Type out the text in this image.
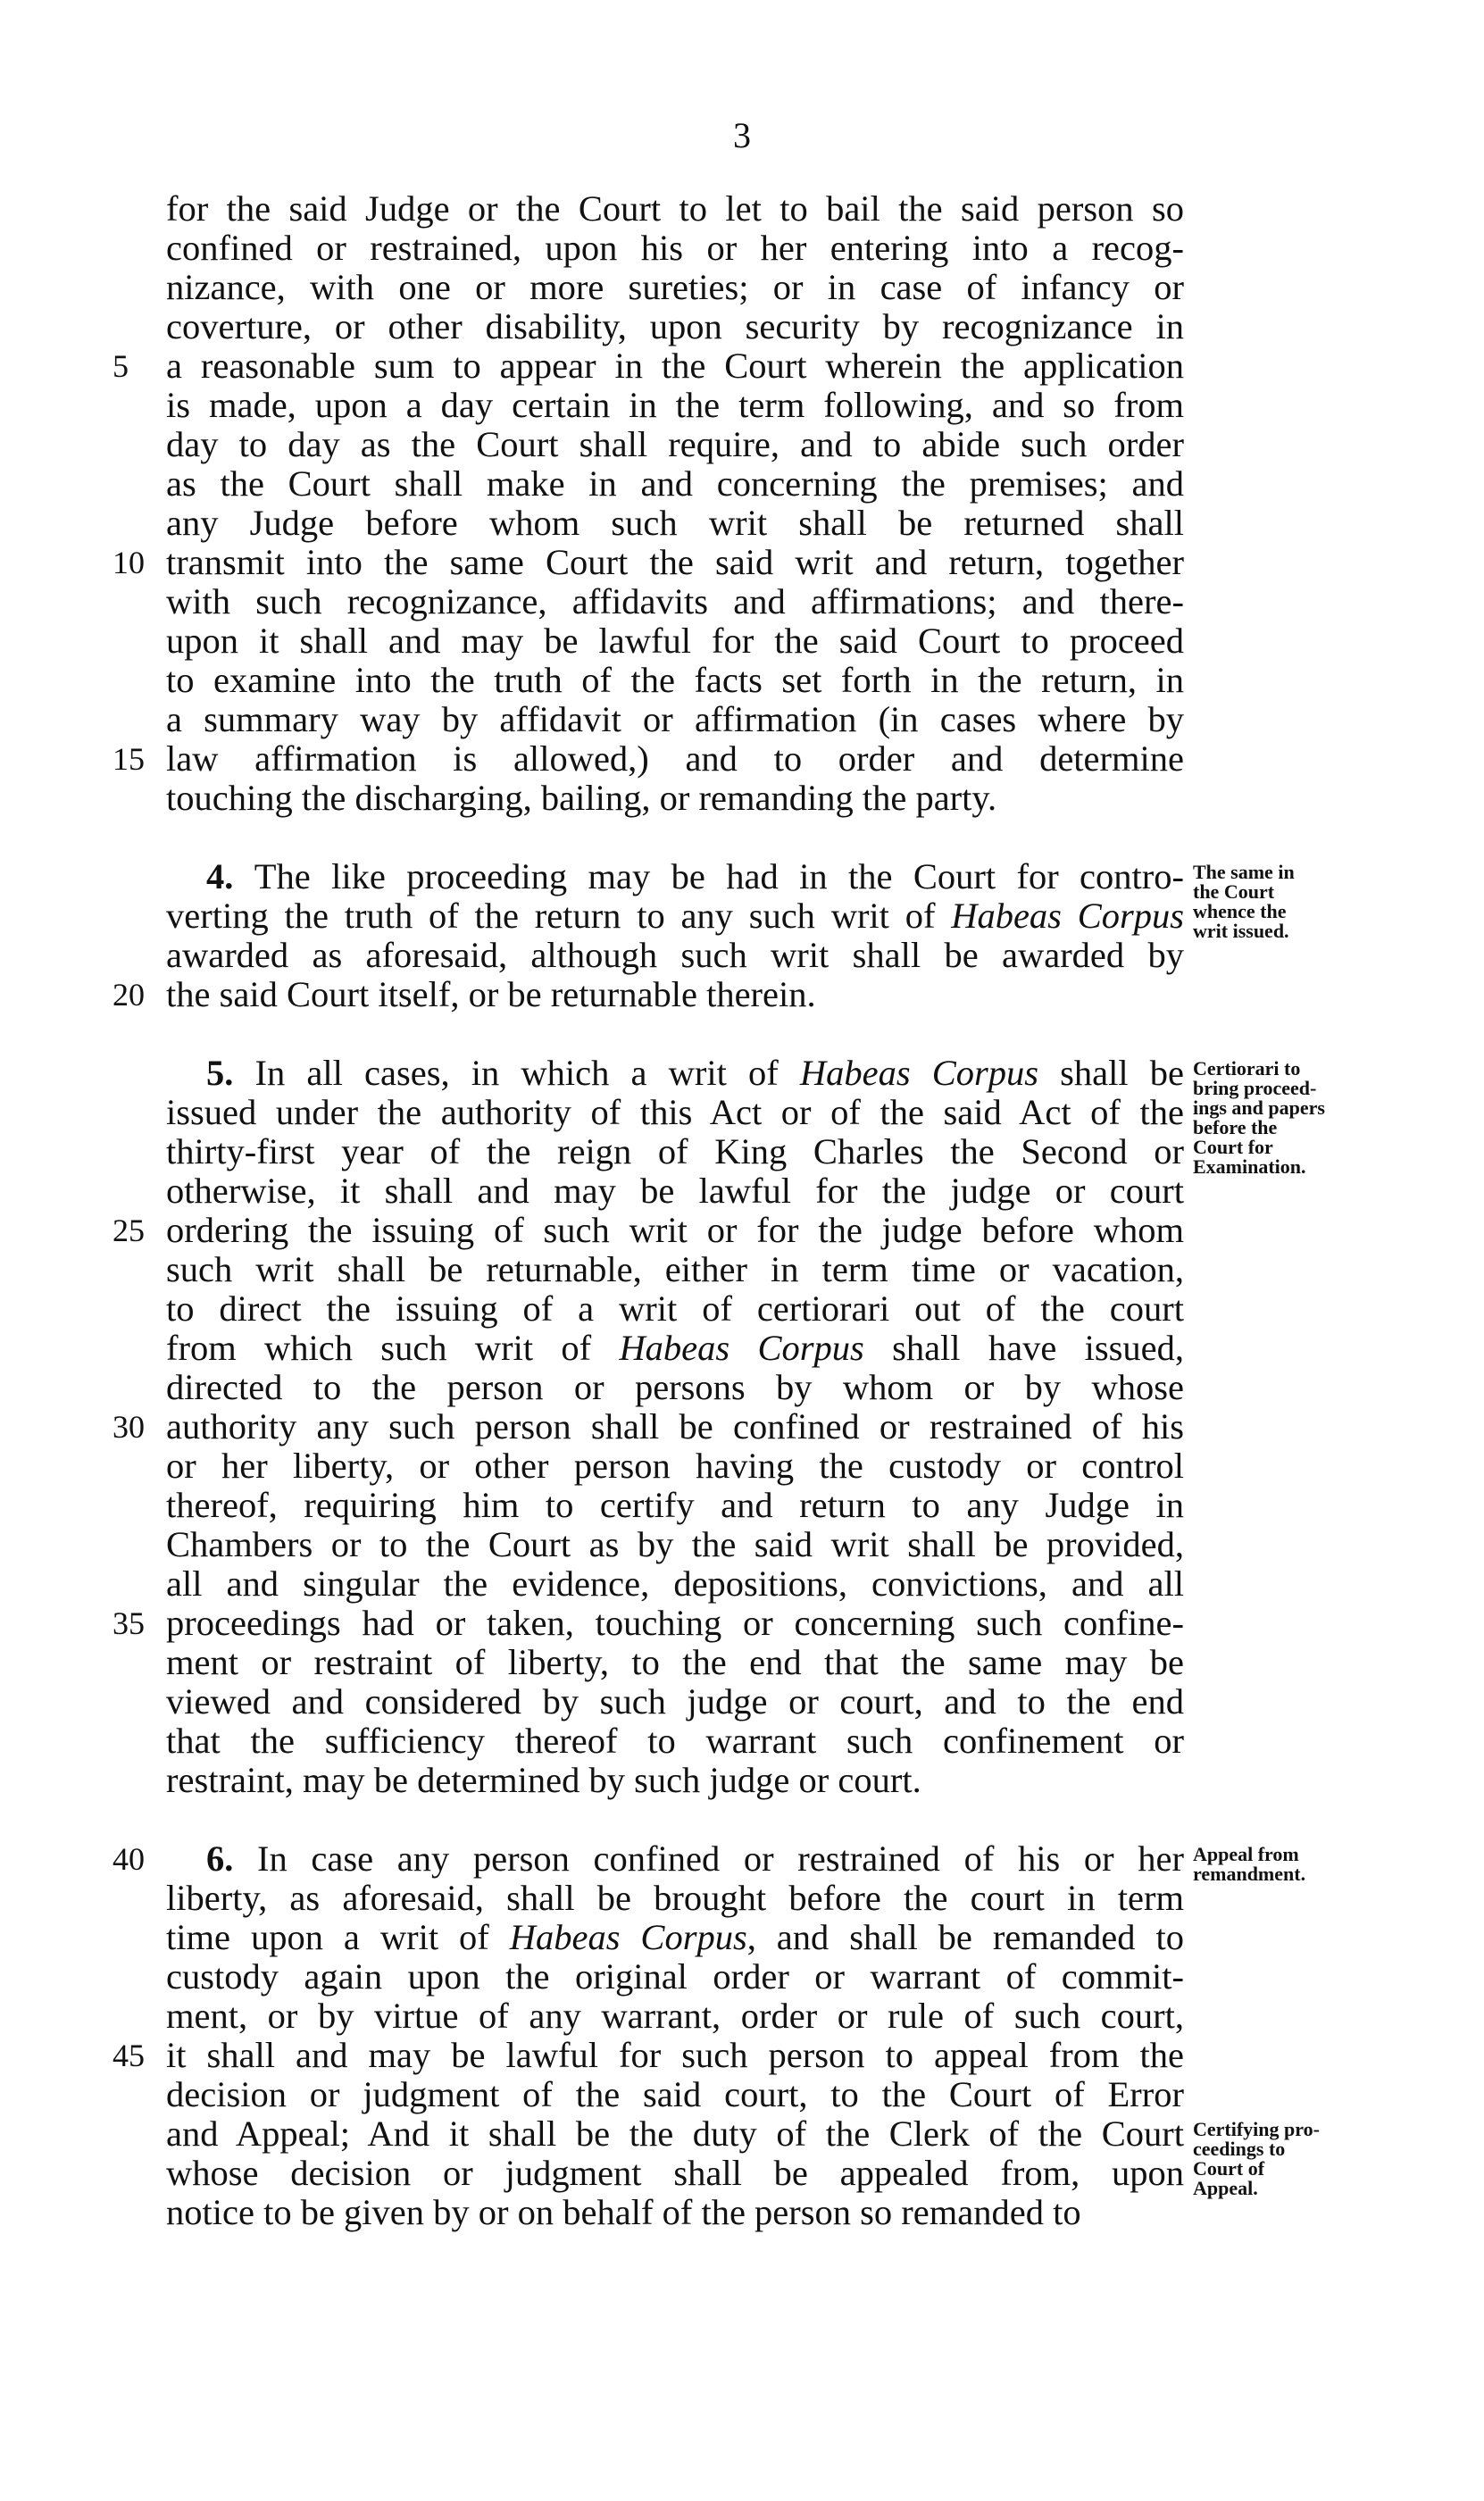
3
for the said Judge or the Court to let to bail the said person so
confined or restrained, upon his or her entering into a recog-
nizance, with one or more sureties; or in case of infancy or
coverture, or other disability, upon security by recognizance in
5	a reasonable sum to appear in the Court wherein the application
is made, upon a day certain in the term following, and so from
day to day as the Court shall require, and to abide such order
as the Court shall make in and concerning the premises; and
any Judge before whom such writ shall be returned shall
10 transmit into the same Court the said writ and return, together
with such recognizance, affidavits and affirmations; and there-
upon it shall and may be lawful for the said Court to proceed
to examine into the truth of the facts set forth in the return, in
a summary way by affidavit or affirmation (in cases where by
15 law affirmation is allowed,) and to order and determine
touching the discharging, bailing, or remanding the party.
4. The like proceeding may be had in the Court for contro-
verting the truth of the return to any such writ of Habeas Corpus
awarded as aforesaid, although such writ shall be awarded by
20 the said Court itself, or be returnable therein.
5. In all cases, in which a writ of Habeas Corpus shall be
issued under the authority of this Act or of the said Act of the
thirty-first year of the reign of King Charles the Second or
otherwise, it shall and may be lawful for the judge or court
25 ordering the issuing of such writ or for the judge before whom
such writ shall be returnable, either in term time or vacation,
to direct the issuing of a writ of certiorari out of the court
from which such writ of Habeas Corpus shall have issued,
directed to the person or persons by whom or by whose
30 authority any such person shall be confined or restrained of his
or her liberty, or other person having the custody or control
thereof, requiring him to certify and return to any Judge in
Chambers or to the Court as by the said writ shall be provided,
all and singular the evidence, depositions, convictions, and all
35 proceedings had or taken, touching or concerning such confine-
ment or restraint of liberty, to the end that the same may be
viewed and considered by such judge or court, and to the end
that the sufficiency thereof to warrant such confinement or
restraint, may be determined by such judge or court.
40 6. In case any person confined or restrained of his or her
liberty, as aforesaid, shall be brought before the court in term
time upon a writ of Habeas Corpus, and shall be remanded to
custody again upon the original order or warrant of commit-
ment, or by virtue of any warrant, order or rule of such court,
45 it shall and may be lawful for such person to appeal from the
decision or judgment of the said court, to the Court of Error
and Appeal; And it shall be the duty of the Clerk of the Court
whose decision or judgment shall be appealed from, upon
notice to be given by or on behalf of the person so remanded to
The same in
the Court
whence the
writ issued.
Certiorari to
bring proceed-
ings and papers
before the
Court for
Examination.
Appeal from
remandment.
Certifying pro-
ceedings to
Court of
Appeal.
